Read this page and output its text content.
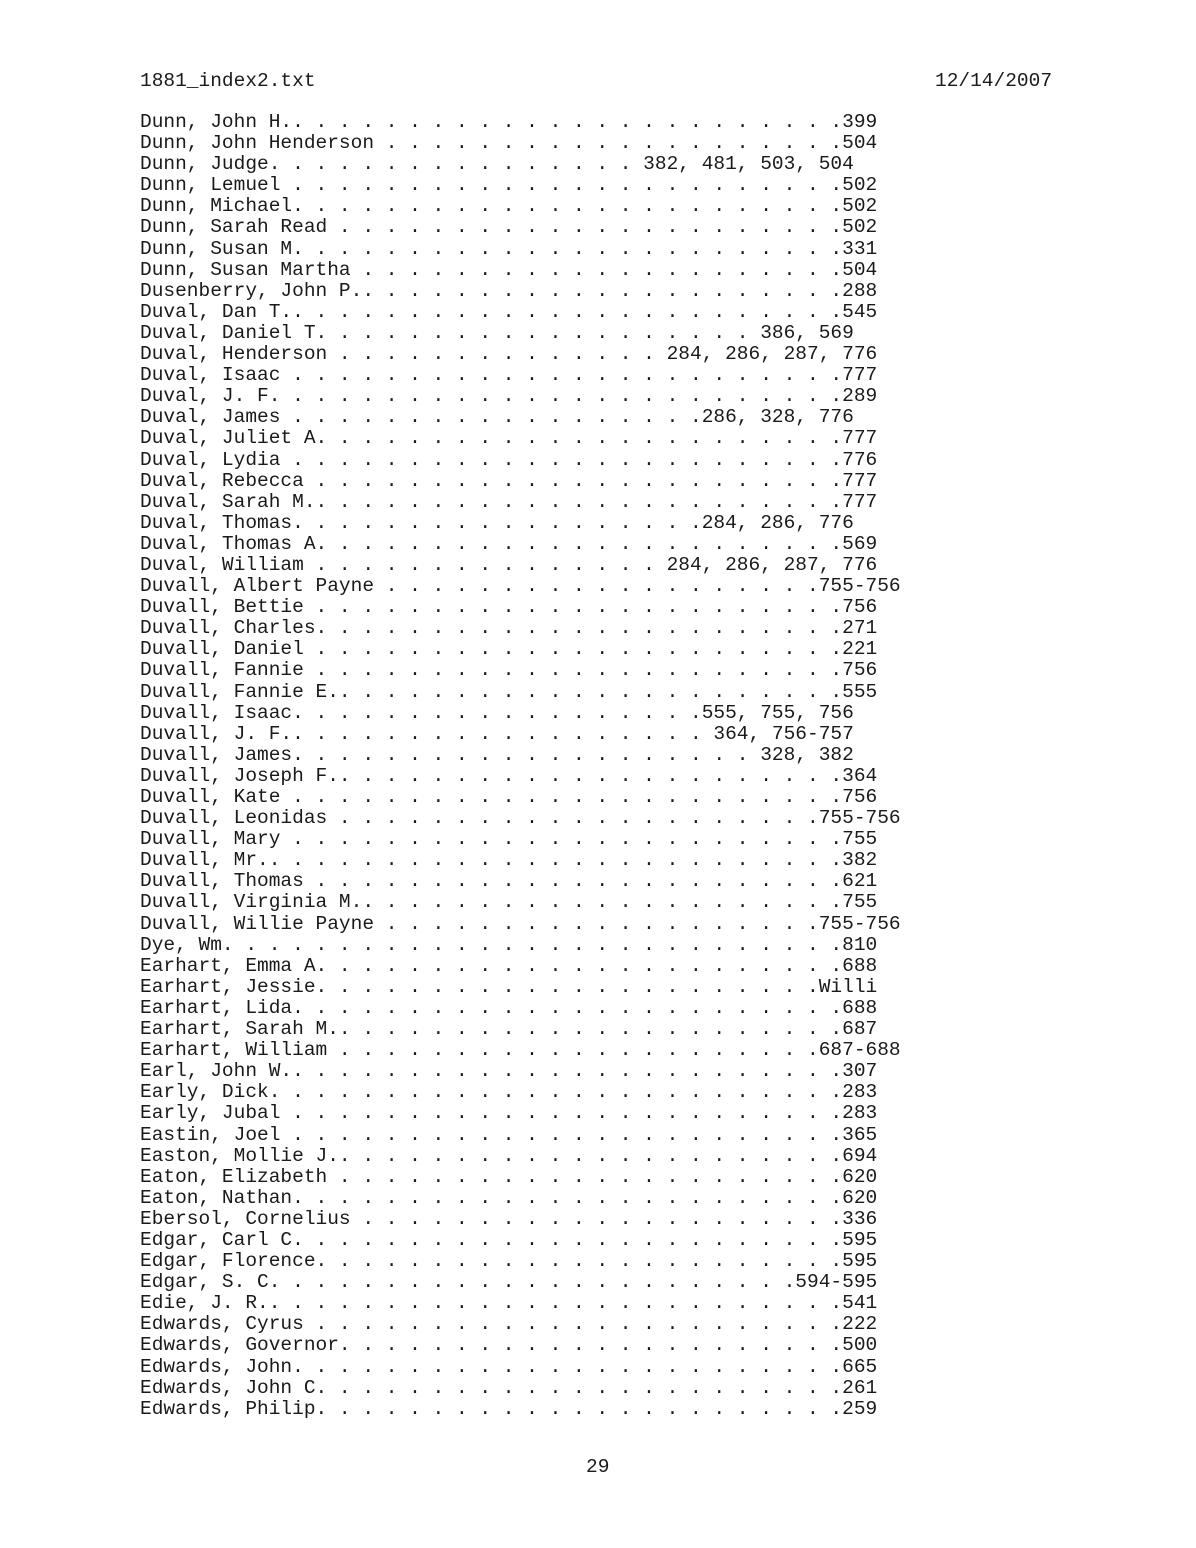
1881_index2.txt	12/14/2007
Dunn, John H.. . . . . . . . . . . . . . . . . . . . . . . .399
Dunn, John Henderson . . . . . . . . . . . . . . . . . . . .504
Dunn, Judge. . . . . . . . . . . . . . . . 382, 481, 503, 504
Dunn, Lemuel . . . . . . . . . . . . . . . . . . . . . . . .502
Dunn, Michael. . . . . . . . . . . . . . . . . . . . . . . .502
Dunn, Sarah Read . . . . . . . . . . . . . . . . . . . . . .502
Dunn, Susan M. . . . . . . . . . . . . . . . . . . . . . . .331
Dunn, Susan Martha . . . . . . . . . . . . . . . . . . . . .504
Dusenberry, John P.. . . . . . . . . . . . . . . . . . . . .288
Duval, Dan T.. . . . . . . . . . . . . . . . . . . . . . . .545
Duval, Daniel T. . . . . . . . . . . . . . . . . . . 386, 569
Duval, Henderson . . . . . . . . . . . . . . 284, 286, 287, 776
Duval, Isaac . . . . . . . . . . . . . . . . . . . . . . . .777
Duval, J. F. . . . . . . . . . . . . . . . . . . . . . . . .289
Duval, James . . . . . . . . . . . . . . . . . .286, 328, 776
Duval, Juliet A. . . . . . . . . . . . . . . . . . . . . . .777
Duval, Lydia . . . . . . . . . . . . . . . . . . . . . . . .776
Duval, Rebecca . . . . . . . . . . . . . . . . . . . . . . .777
Duval, Sarah M.. . . . . . . . . . . . . . . . . . . . . . .777
Duval, Thomas. . . . . . . . . . . . . . . . . .284, 286, 776
Duval, Thomas A. . . . . . . . . . . . . . . . . . . . . . .569
Duval, William . . . . . . . . . . . . . . . 284, 286, 287, 776
Duvall, Albert Payne . . . . . . . . . . . . . . . . . . .755-756
Duvall, Bettie . . . . . . . . . . . . . . . . . . . . . . .756
Duvall, Charles. . . . . . . . . . . . . . . . . . . . . . .271
Duvall, Daniel . . . . . . . . . . . . . . . . . . . . . . .221
Duvall, Fannie . . . . . . . . . . . . . . . . . . . . . . .756
Duvall, Fannie E.. . . . . . . . . . . . . . . . . . . . . .555
Duvall, Isaac. . . . . . . . . . . . . . . . . .555, 755, 756
Duvall, J. F.. . . . . . . . . . . . . . . . . . 364, 756-757
Duvall, James. . . . . . . . . . . . . . . . . . . . 328, 382
Duvall, Joseph F.. . . . . . . . . . . . . . . . . . . . . .364
Duvall, Kate . . . . . . . . . . . . . . . . . . . . . . . .756
Duvall, Leonidas . . . . . . . . . . . . . . . . . . . . .755-756
Duvall, Mary . . . . . . . . . . . . . . . . . . . . . . . .755
Duvall, Mr.. . . . . . . . . . . . . . . . . . . . . . . . .382
Duvall, Thomas . . . . . . . . . . . . . . . . . . . . . . .621
Duvall, Virginia M.. . . . . . . . . . . . . . . . . . . . .755
Duvall, Willie Payne . . . . . . . . . . . . . . . . . . .755-756
Dye, Wm. . . . . . . . . . . . . . . . . . . . . . . . . . .810
Earhart, Emma A. . . . . . . . . . . . . . . . . . . . . . .688
Earhart, Jessie. . . . . . . . . . . . . . . . . . . . . .Willi
Earhart, Lida. . . . . . . . . . . . . . . . . . . . . . . .688
Earhart, Sarah M.. . . . . . . . . . . . . . . . . . . . . .687
Earhart, William . . . . . . . . . . . . . . . . . . . . .687-688
Earl, John W.. . . . . . . . . . . . . . . . . . . . . . . .307
Early, Dick. . . . . . . . . . . . . . . . . . . . . . . . .283
Early, Jubal . . . . . . . . . . . . . . . . . . . . . . . .283
Eastin, Joel . . . . . . . . . . . . . . . . . . . . . . . .365
Easton, Mollie J.. . . . . . . . . . . . . . . . . . . . . .694
Eaton, Elizabeth . . . . . . . . . . . . . . . . . . . . . .620
Eaton, Nathan. . . . . . . . . . . . . . . . . . . . . . . .620
Ebersol, Cornelius . . . . . . . . . . . . . . . . . . . . .336
Edgar, Carl C. . . . . . . . . . . . . . . . . . . . . . . .595
Edgar, Florence. . . . . . . . . . . . . . . . . . . . . . .595
Edgar, S. C. . . . . . . . . . . . . . . . . . . . . . .594-595
Edie, J. R.. . . . . . . . . . . . . . . . . . . . . . . . .541
Edwards, Cyrus . . . . . . . . . . . . . . . . . . . . . . .222
Edwards, Governor. . . . . . . . . . . . . . . . . . . . . .500
Edwards, John. . . . . . . . . . . . . . . . . . . . . . . .665
Edwards, John C. . . . . . . . . . . . . . . . . . . . . . .261
Edwards, Philip. . . . . . . . . . . . . . . . . . . . . . .259
29
